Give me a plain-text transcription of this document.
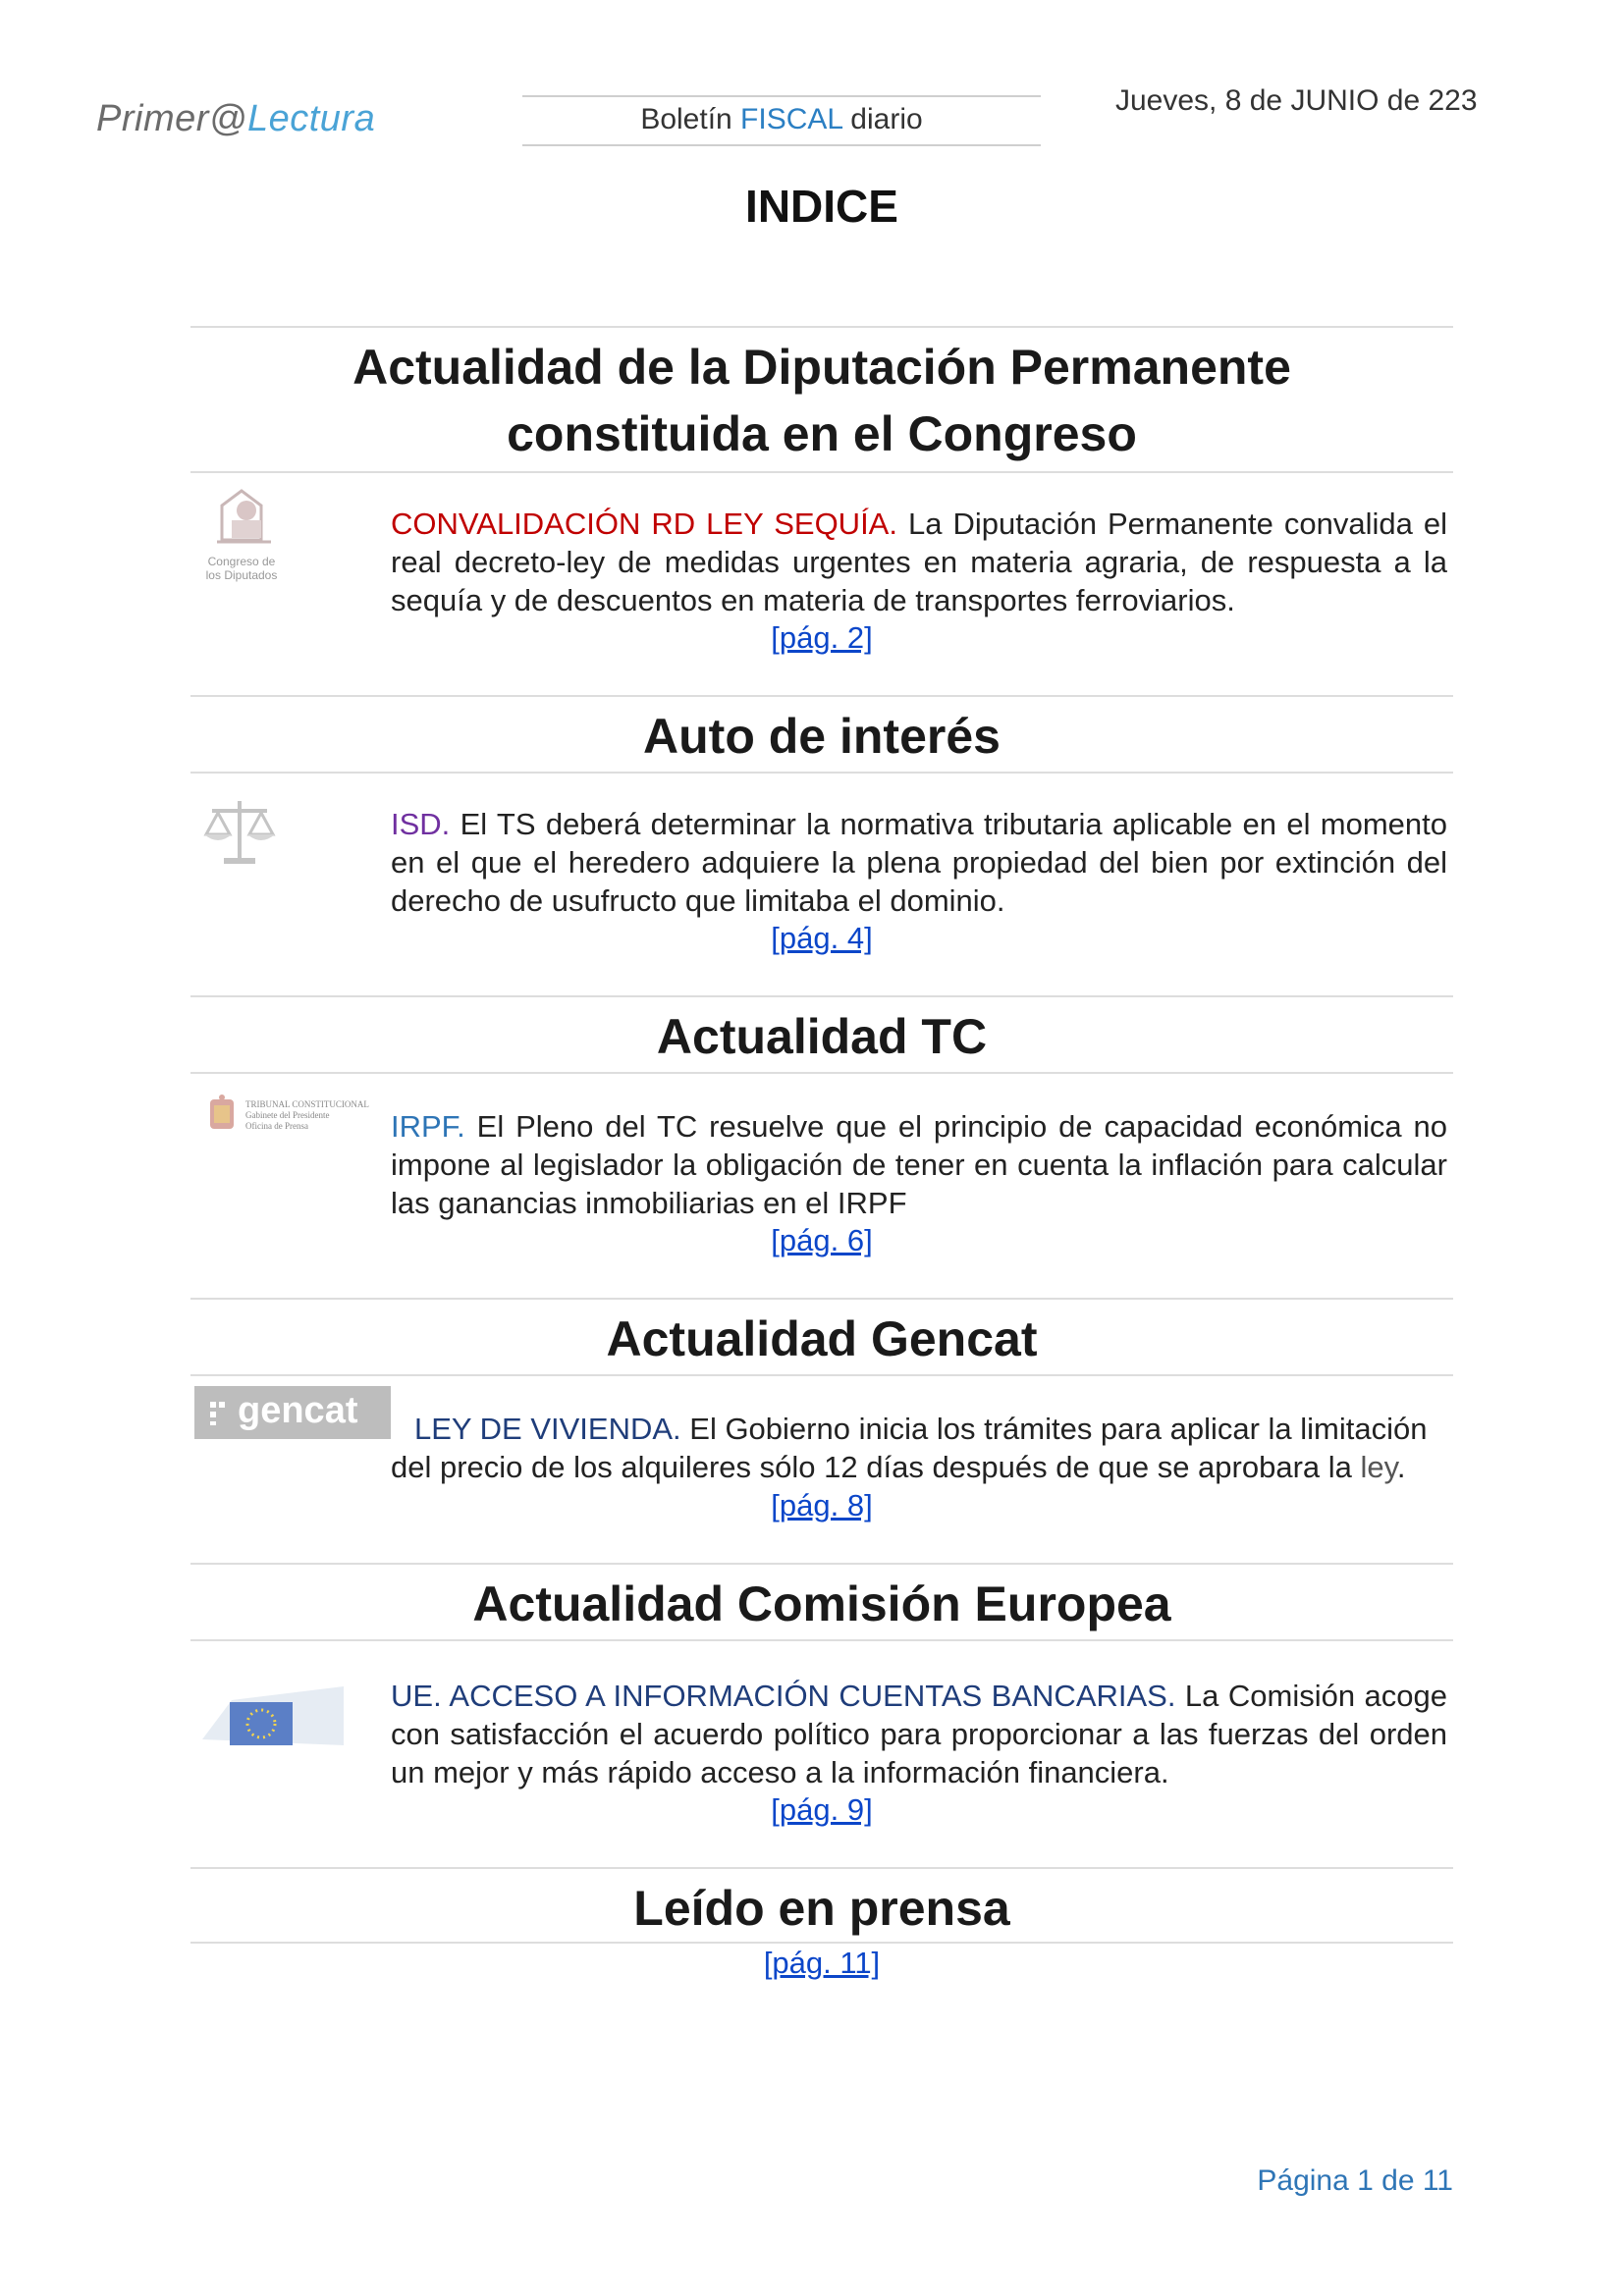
Primer@Lectura	Boletín FISCAL diario
Jueves, 8 de JUNIO de 223
INDICE
Actualidad de la Diputación Permanente
constituida en el Congreso
Congreso de
los Diputados
CONVALIDACIÓN RD LEY SEQUÍA. La Diputación Permanente convalida el real decreto-ley de medidas urgentes en materia agraria, de respuesta a la sequía y de descuentos en materia de transportes ferroviarios.
[pág. 2]
Auto de interés
ISD. El TS deberá determinar la normativa tributaria aplicable en el momento en el que el heredero adquiere la plena propiedad del bien por extinción del derecho de usufructo que limitaba el dominio.
[pág. 4]
Actualidad TC
TRIBUNAL CONSTITUCIONAL
Gabinete del Presidente
Oficina de Prensa	IRPF. El Pleno del TC resuelve que el principio de capacidad económica no impone al legislador la obligación de tener en cuenta la inflación para calcular las ganancias inmobiliarias en el IRPF
[pág. 6]
Actualidad Gencat
gencat	LEY DE VIVIENDA. El Gobierno inicia los trámites para aplicar la limitación
del precio de los alquileres sólo 12 días después de que se aprobara la ley.
[pág. 8]
Actualidad Comisión Europea
UE. ACCESO A INFORMACIÓN CUENTAS BANCARIAS. La Comisión acoge con satisfacción el acuerdo político para proporcionar a las fuerzas del orden un mejor y más rápido acceso a la información financiera.
[pág. 9]
Leído en prensa
[pág. 11]
Página 1 de 11
